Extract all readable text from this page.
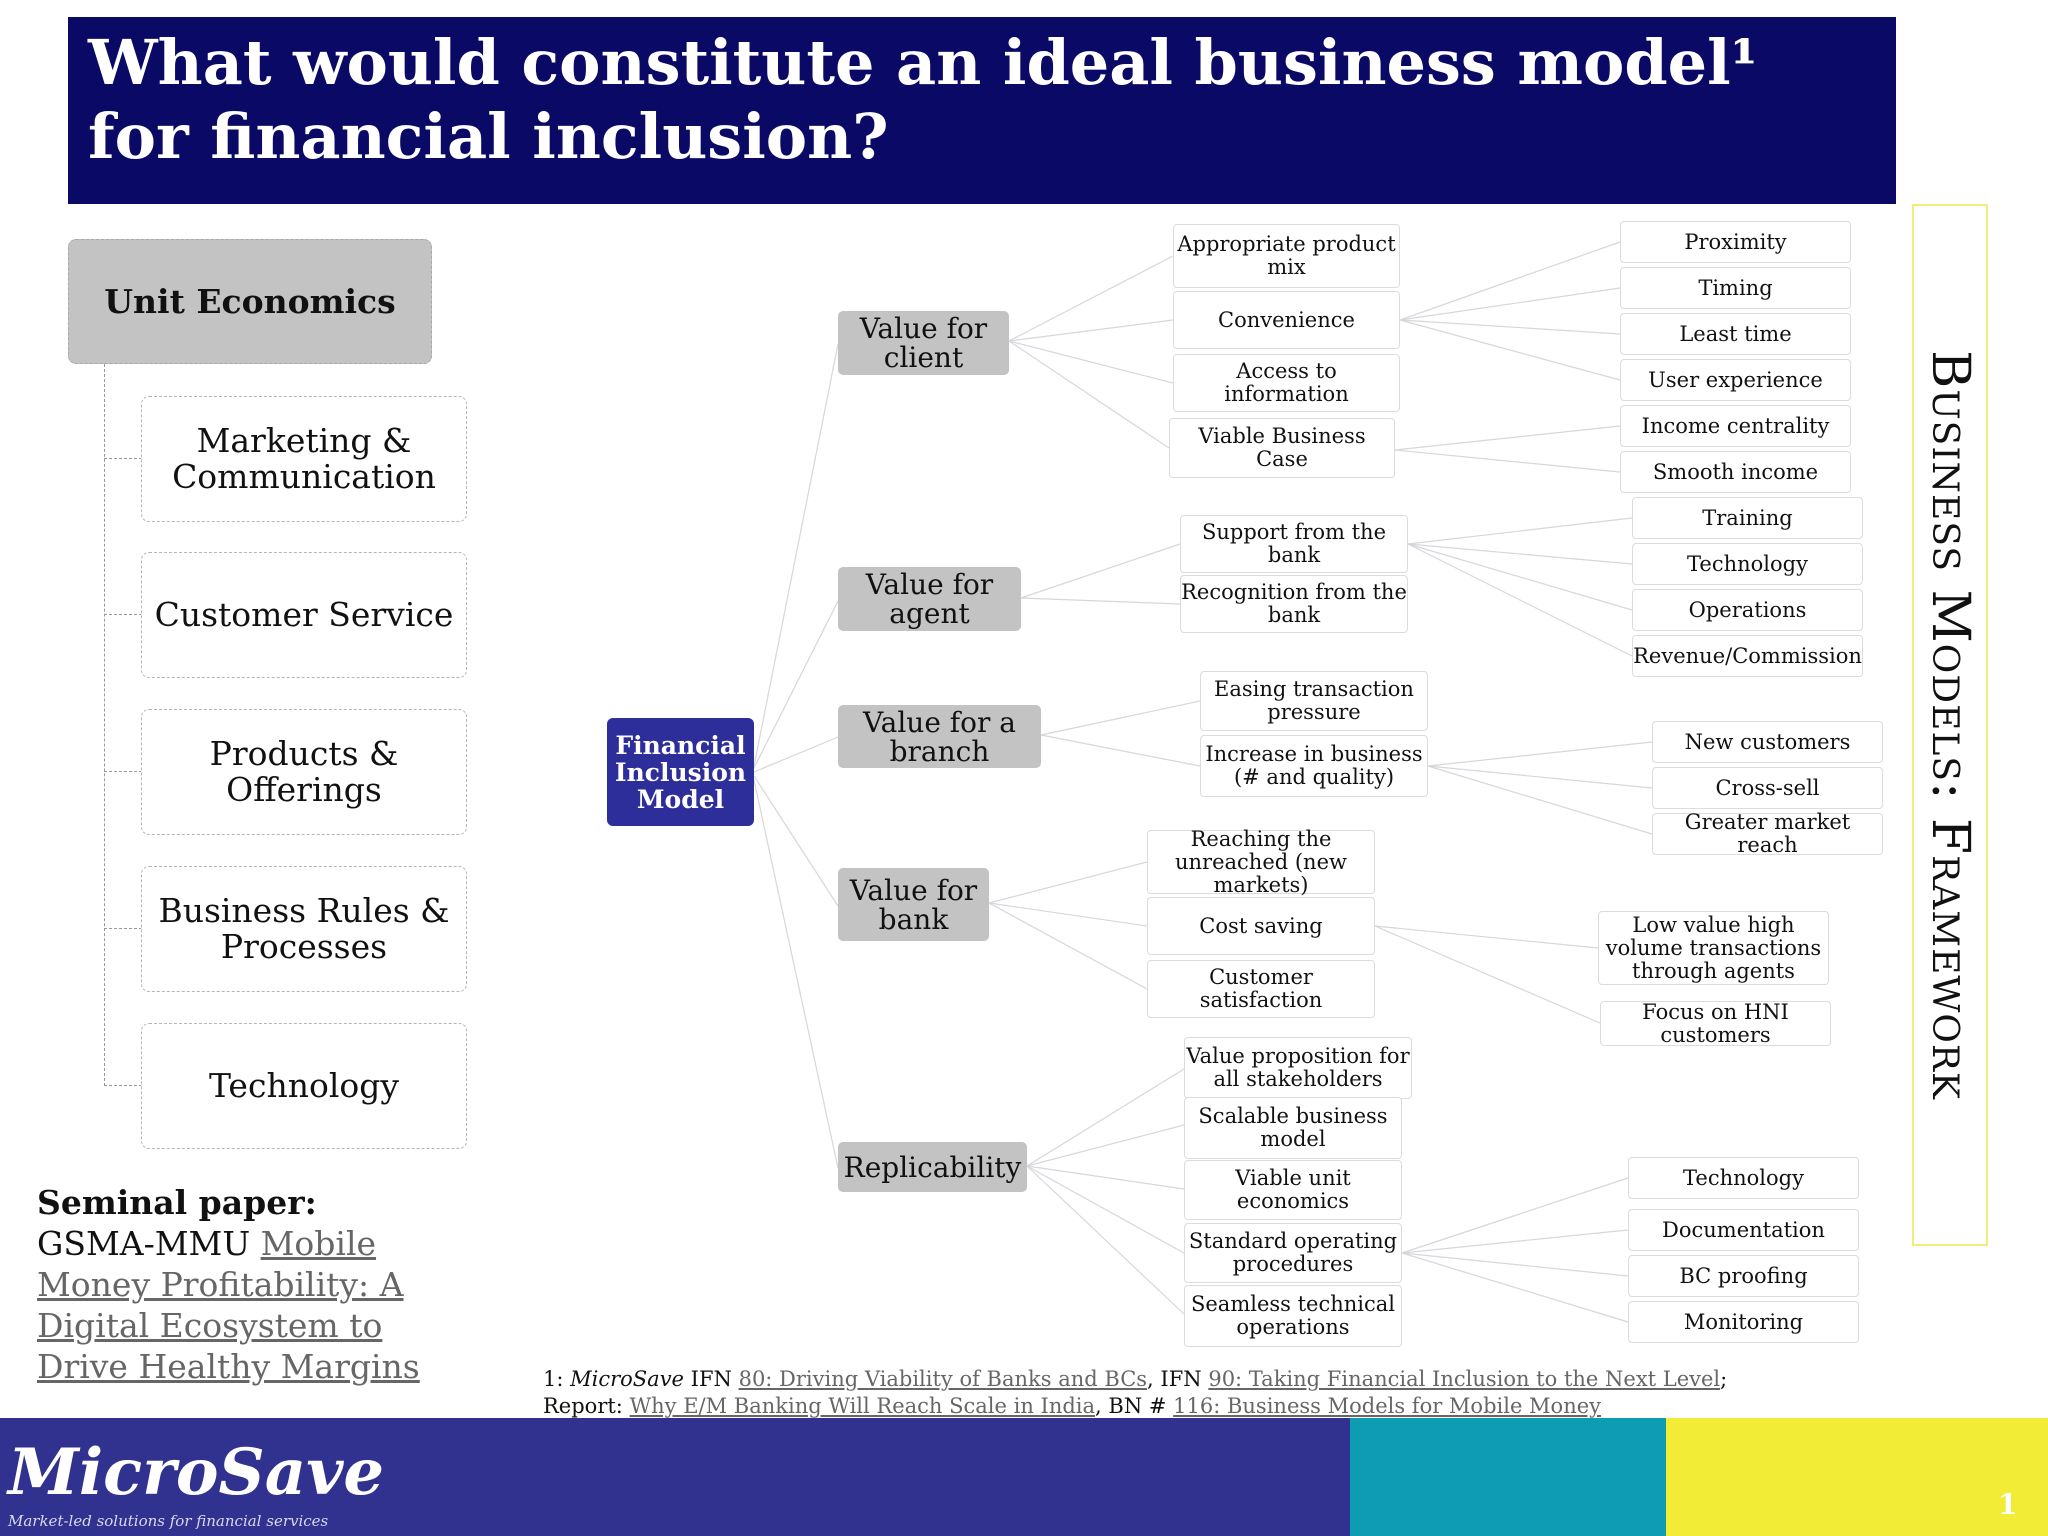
What would constitute an ideal business model¹ for financial inclusion?
Business Models: Framework
Unit Economics
Marketing &
Communication
Customer Service
Products &
Offerings
Business Rules &
Processes
Technology
Seminal paper:
GSMA-MMU Mobile Money Profitability: A Digital Ecosystem to Drive Healthy Margins
Financial
Inclusion
Model
Value for
client
Value for
agent
Value for a
branch
Value for
bank
Replicability
Appropriate product
mix
Convenience
Access to information
Viable Business Case
Proximity
Timing
Least time
User experience
Income centrality
Smooth income
Support from the
bank
Recognition from the
bank
Training
Technology
Operations
Revenue/Commission
Easing transaction
pressure
Increase in business
(# and quality)
New customers
Cross-sell
Greater market reach
Reaching the
unreached (new
markets)
Cost saving
Customer satisfaction
Low value high
volume transactions
through agents
Focus on HNI
customers
Value proposition for
all stakeholders
Scalable business
model
Viable unit
economics
Standard operating
procedures
Seamless technical
operations
Technology
Documentation
BC proofing
Monitoring
1: MicroSave IFN 80: Driving Viability of Banks and BCs, IFN 90: Taking Financial Inclusion to the Next Level;
Report: Why E/M Banking Will Reach Scale in India, BN # 116: Business Models for Mobile Money
MicroSave
Market-led solutions for financial services	1
